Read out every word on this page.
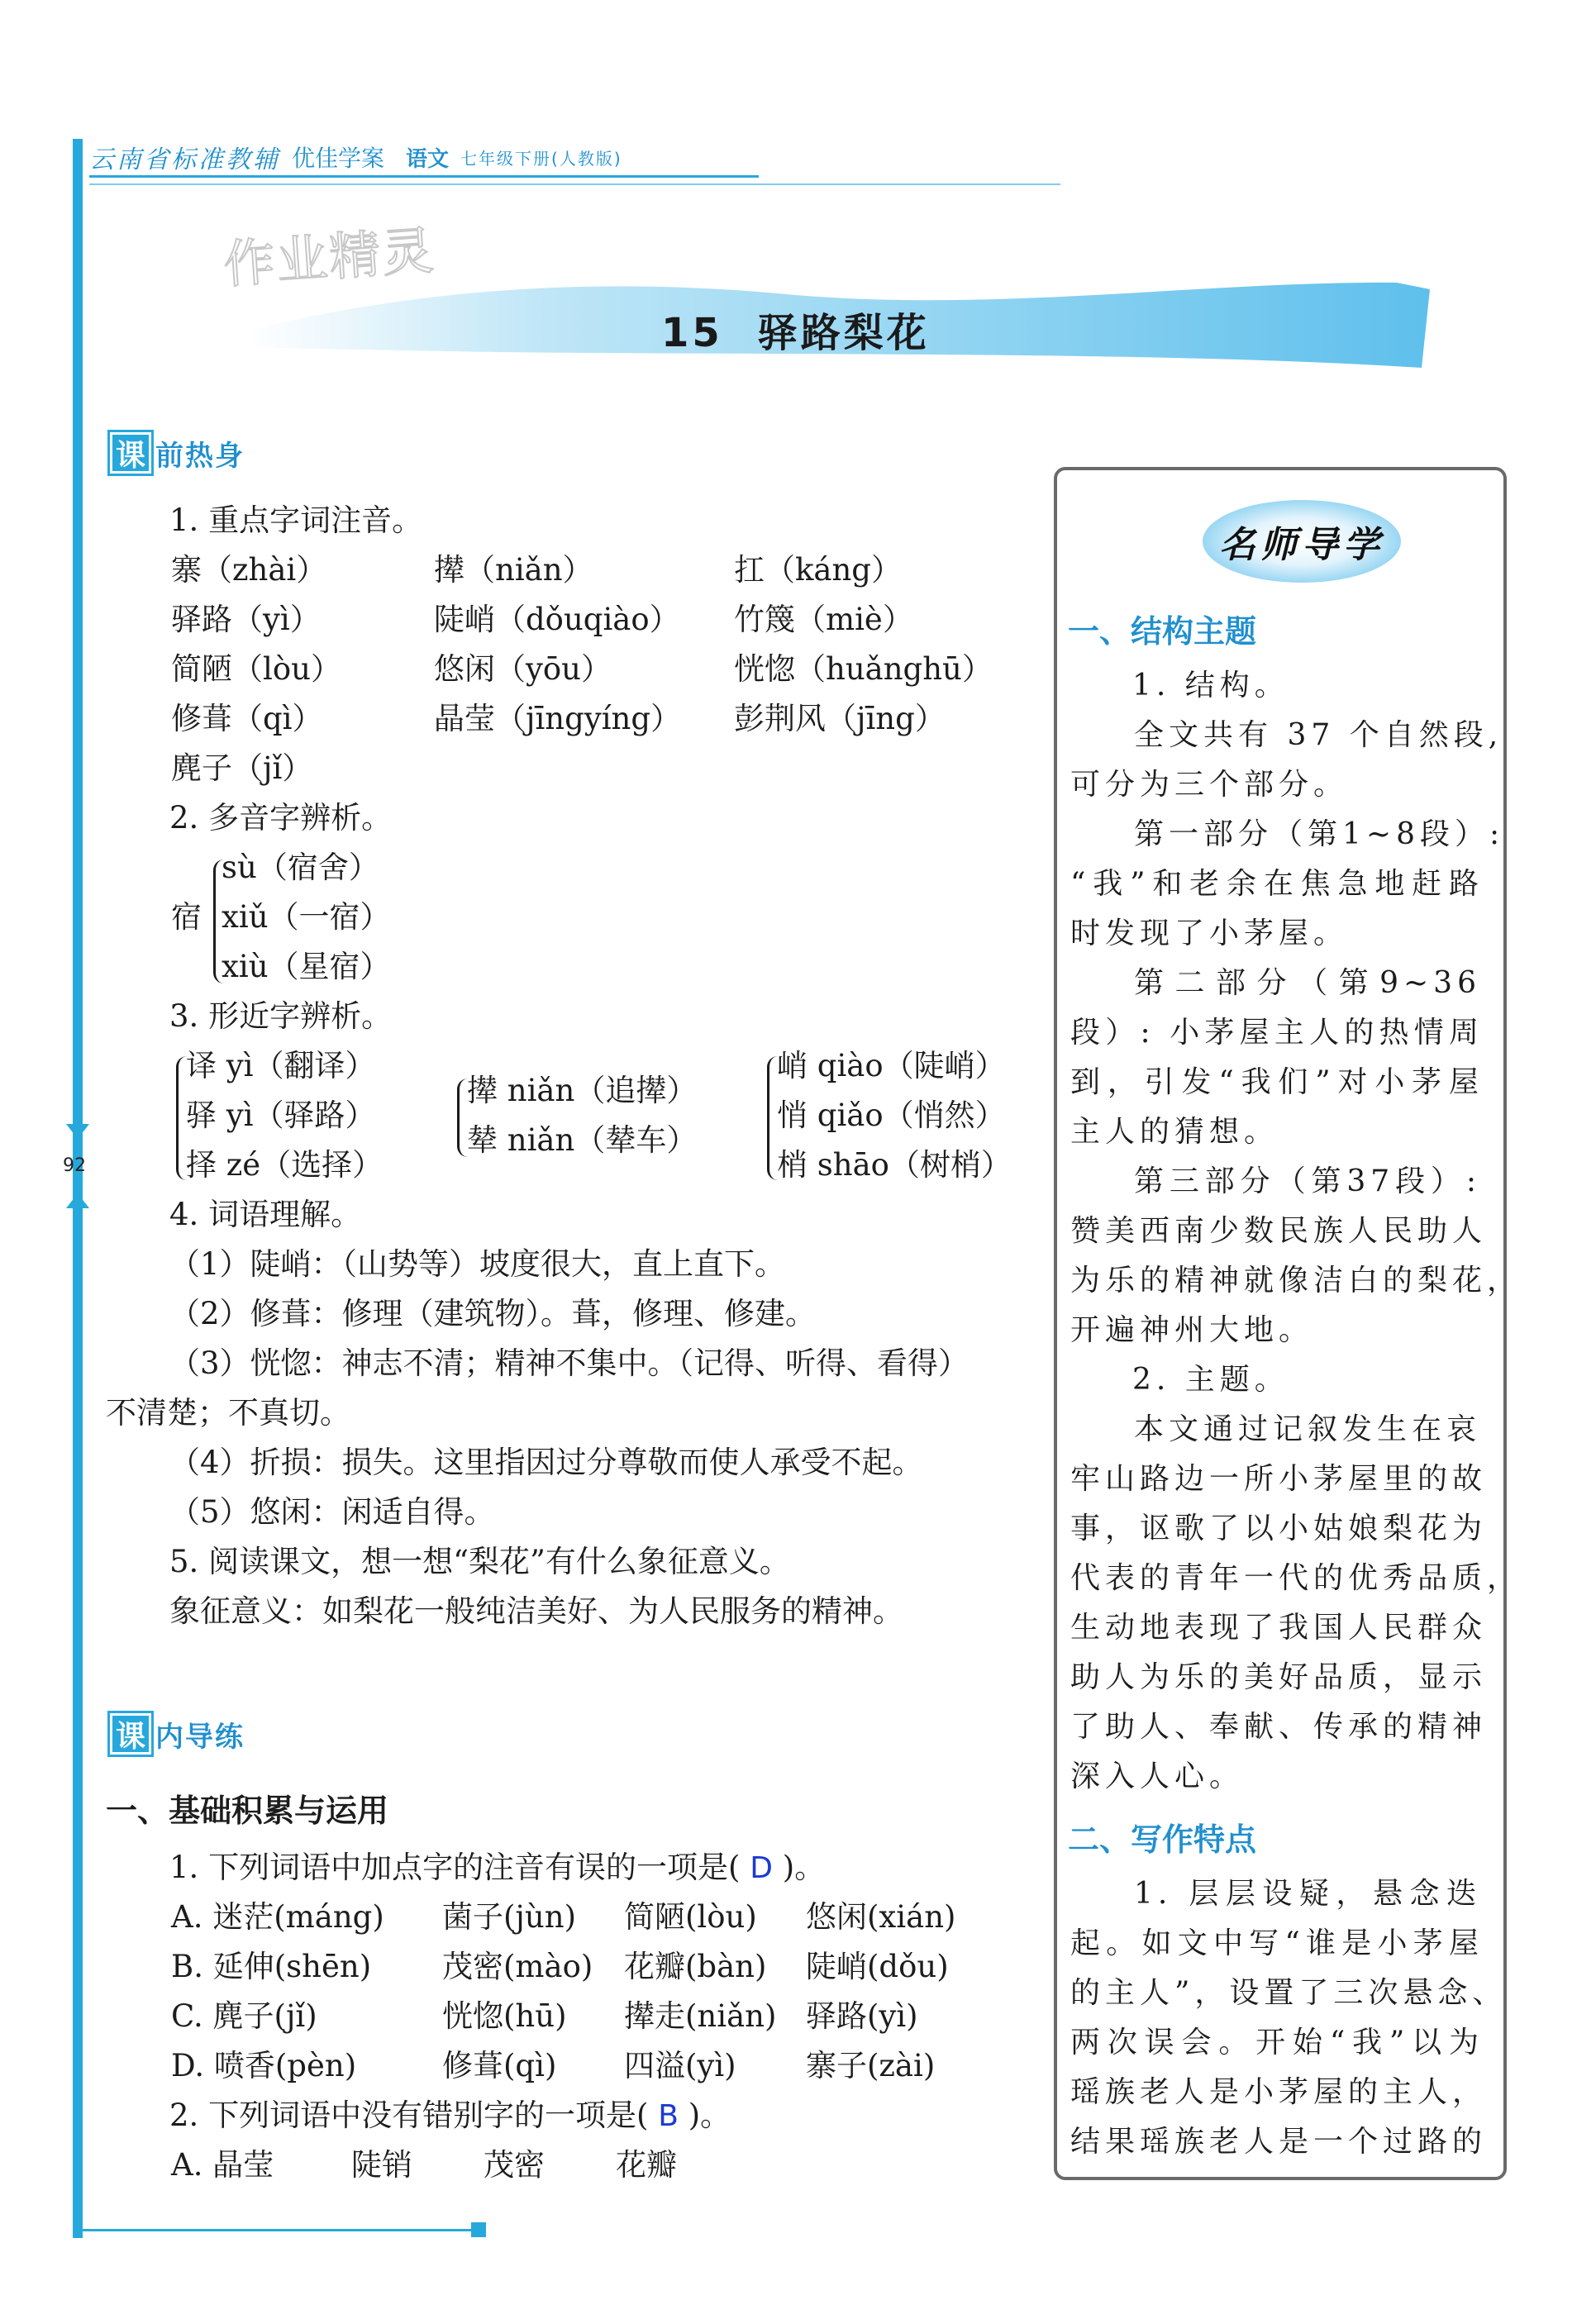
92
云南省标准教辅 优佳学案 语文 七年级下册(人教版)
作业精灵
15 驿路梨花
课 前热身
1. 重点字词注音。
寨（zhài）	撵（niǎn）	扛（káng）
驿路（yì）	陡峭（dǒuqiào） 竹篾（miè）
简陋（lòu）	悠闲（yōu）	恍惚（huǎnghū）
修葺（qì）	晶莹（jīngyíng） 彭荆风（jīng）
麂子（jǐ）
2. 多音字辨析。
宿
sù（宿舍）
xiǔ（一宿）
xiù（星宿）
3. 形近字辨析。
译 yì（翻译）
驿 yì（驿路）
择 zé（选择）
撵 niǎn（追撵）
辇 niǎn（辇车）
峭 qiào（陡峭）
悄 qiǎo（悄然）
梢 shāo（树梢）
4. 词语理解。
（1）陡峭：（山势等）坡度很大，直上直下。
（2）修葺：修理（建筑物）。葺，修理、修建。
（3）恍惚：神志不清；精神不集中。（记得、听得、看得）
不清楚；不真切。
（4）折损：损失。这里指因过分尊敬而使人承受不起。
（5）悠闲：闲适自得。
5. 阅读课文，想一想“梨花”有什么象征意义。
象征意义：如梨花一般纯洁美好、为人民服务的精神。
课 内导练
一、基础积累与运用
1. 下列词语中加点字的注音有误的一项是( D )。
A. 迷茫(máng) 菌子(jùn) 简陋(lòu) 悠闲(xián)
B. 延伸(shēn) 茂密(mào) 花瓣(bàn) 陡峭(dǒu)
C. 麂子(jǐ)	恍惚(hū) 撵走(niǎn) 驿路(yì)
D. 喷香(pèn)	修葺(qì) 四溢(yì) 寨子(zài)
2. 下列词语中没有错别字的一项是( B )。
A. 晶莹	陡销 茂密 花瓣
名师导学
一、结构主题
1. 结构。
全文共有 37 个自然段,
可分为三个部分。
第一部分（第1~8段）:
“我”和老余在焦急地赶路
时发现了小茅屋。
第二部分（第9~36
段）: 小茅屋主人的热情周
到，引发“我们”对小茅屋
主人的猜想。
第三部分（第37段）:
赞美西南少数民族人民助人
为乐的精神就像洁白的梨花，
开遍神州大地。
2. 主题。
本文通过记叙发生在哀
牢山路边一所小茅屋里的故
事，讴歌了以小姑娘梨花为
代表的青年一代的优秀品质，
生动地表现了我国人民群众
助人为乐的美好品质，显示
了助人、奉献、传承的精神
深入人心。
二、写作特点
1. 层层设疑，悬念迭
起。如文中写“谁是小茅屋
的主人”，设置了三次悬念、
两次误会。开始“我”以为
瑶族老人是小茅屋的主人，
结果瑶族老人是一个过路的
